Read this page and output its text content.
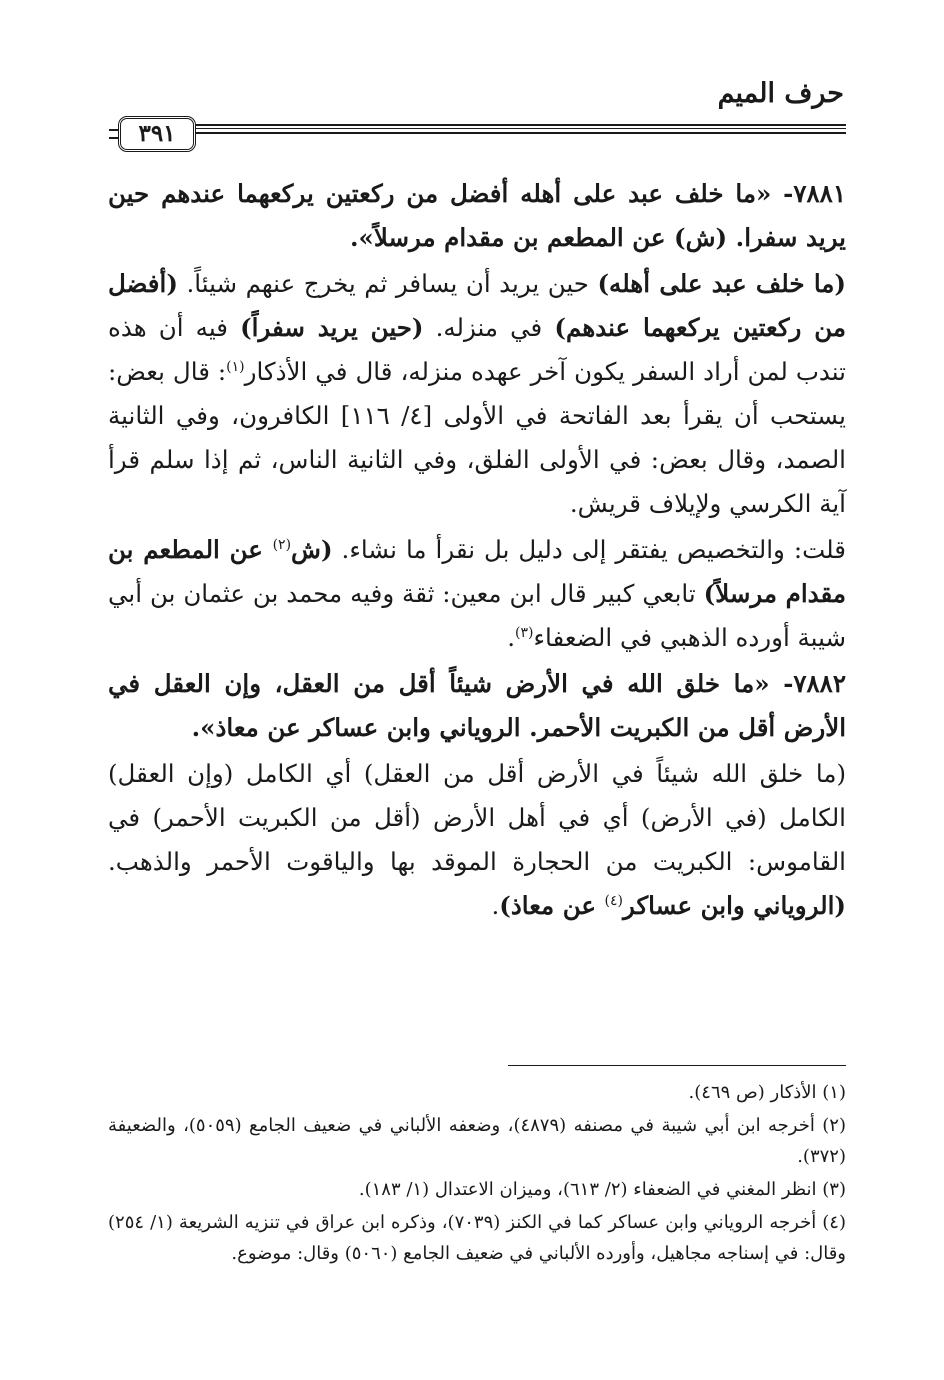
حرف الميم
٣٩١

٧٨٨١- «ما خلف عبد على أهله أفضل من ركعتين يركعهما عندهم حين يريد سفرا. (ش) عن المطعم بن مقدام مرسلاً».

(ما خلف عبد على أهله) حين يريد أن يسافر ثم يخرج عنهم شيئاً. (أفضل من ركعتين يركعهما عندهم) في منزله. (حين يريد سفراً) فيه أن هذه تندب لمن أراد السفر يكون آخر عهده منزله، قال في الأذكار$^{(١)}$: قال بعض: يستحب أن يقرأ بعد الفاتحة في الأولى [٤/ ١١٦] الكافرون، وفي الثانية الصمد، وقال بعض: في الأولى الفلق، وفي الثانية الناس، ثم إذا سلم قرأ آية الكرسي ولإيلاف قريش.

قلت: والتخصيص يفتقر إلى دليل بل نقرأ ما نشاء. (ش$^{(٢)}$ عن المطعم بن مقدام مرسلاً) تابعي كبير قال ابن معين: ثقة وفيه محمد بن عثمان بن أبي شيبة أورده الذهبي في الضعفاء$^{(٣)}$.

٧٨٨٢- «ما خلق الله في الأرض شيئاً أقل من العقل، وإن العقل في الأرض أقل من الكبريت الأحمر. الروياني وابن عساكر عن معاذ».

(ما خلق الله شيئاً في الأرض أقل من العقل) أي الكامل (وإن العقل) الكامل (في الأرض) أي في أهل الأرض (أقل من الكبريت الأحمر) في القاموس: الكبريت من الحجارة الموقد بها والياقوت الأحمر والذهب. (الروياني وابن عساكر$^{(٤)}$ عن معاذ).

(١) الأذكار (ص ٤٦٩).

(٢) أخرجه ابن أبي شيبة في مصنفه (٤٨٧٩)، وضعفه الألباني في ضعيف الجامع (٥٠٥٩)، والضعيفة (٣٧٢).

(٣) انظر المغني في الضعفاء (٢/ ٦١٣)، وميزان الاعتدال (١/ ١٨٣).

(٤) أخرجه الروياني وابن عساكر كما في الكنز (٧٠٣٩)، وذكره ابن عراق في تنزيه الشريعة (١/ ٢٥٤) وقال: في إسناجه مجاهيل، وأورده الألباني في ضعيف الجامع (٥٠٦٠) وقال: موضوع.
